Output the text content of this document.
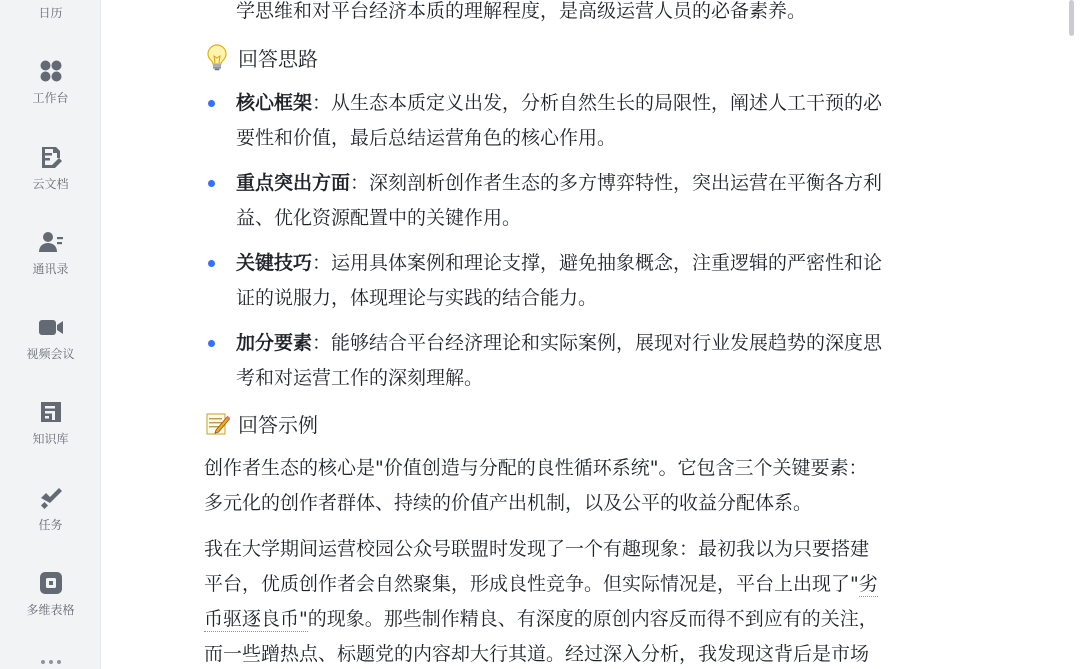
日历
工作台
云文档
通讯录
视频会议
知识库
任务
多维表格
学思维和对平台经济本质的理解程度，是高级运营人员的必备素养。
回答思路
核心框架：从生态本质定义出发，分析自然生长的局限性，阐述人工干预的必
要性和价值，最后总结运营角色的核心作用。
重点突出方面：深刻剖析创作者生态的多方博弈特性，突出运营在平衡各方利
益、优化资源配置中的关键作用。
关键技巧：运用具体案例和理论支撑，避免抽象概念，注重逻辑的严密性和论
证的说服力，体现理论与实践的结合能力。
加分要素：能够结合平台经济理论和实际案例，展现对行业发展趋势的深度思
考和对运营工作的深刻理解。
回答示例
创作者生态的核心是"价值创造与分配的良性循环系统"。它包含三个关键要素：
多元化的创作者群体、持续的价值产出机制，以及公平的收益分配体系。
我在大学期间运营校园公众号联盟时发现了一个有趣现象：最初我以为只要搭建
平台，优质创作者会自然聚集，形成良性竞争。但实际情况是，平台上出现了"劣
币驱逐良币"的现象。那些制作精良、有深度的原创内容反而得不到应有的关注，
而一些蹭热点、标题党的内容却大行其道。经过深入分析，我发现这背后是市场
